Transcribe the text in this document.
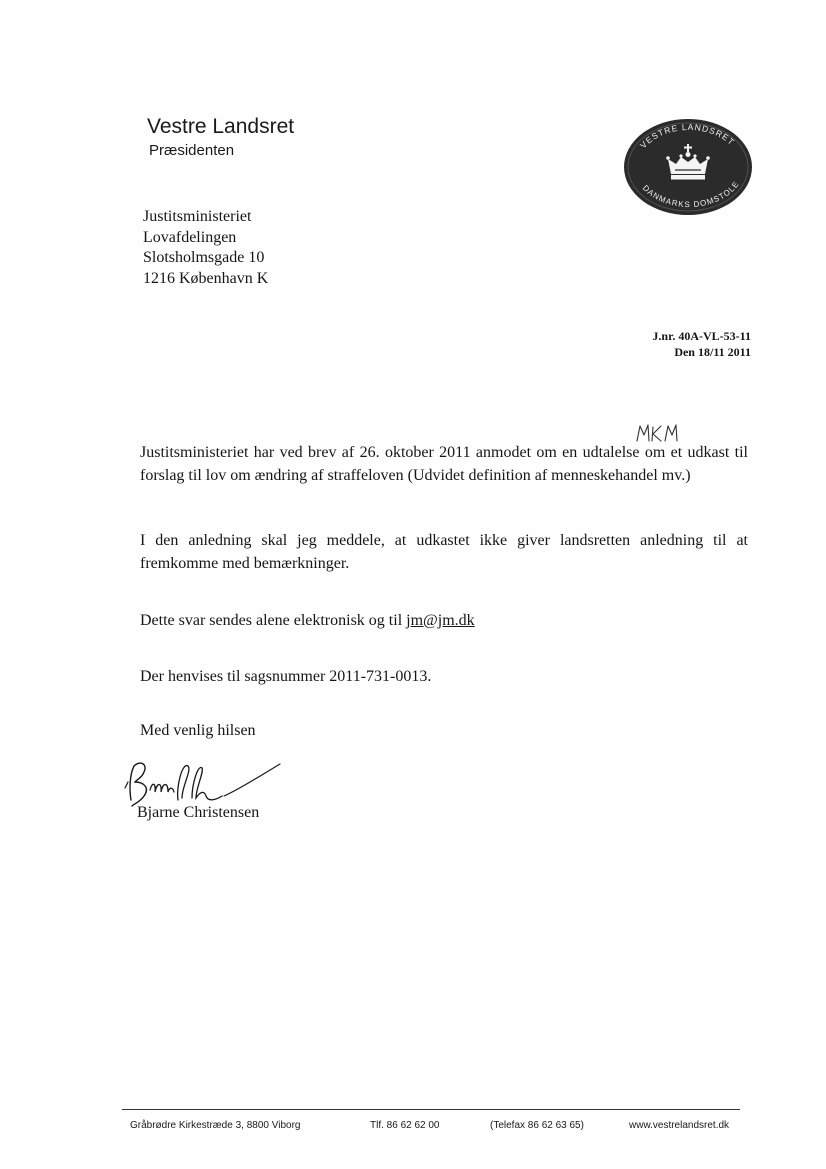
Vestre Landsret
Præsidenten	VESTRE LANDSRET
DANMARKS DOMSTOLE
Justitsministeriet
Lovafdelingen
Slotsholmsgade 10
1216 København K
J.nr. 40A-VL-53-11
Den 18/11 2011
Justitsministeriet har ved brev af 26. oktober 2011 anmodet om en udtalelse om et udkast til forslag til lov om ændring af straffeloven (Udvidet definition af menneskehandel mv.)
I den anledning skal jeg meddele, at udkastet ikke giver landsretten anledning til at fremkomme med bemærkninger.
Dette svar sendes alene elektronisk og til jm@jm.dk
Der henvises til sagsnummer 2011-731-0013.
Med venlig hilsen
Bjarne Christensen
Gråbrødre Kirkestræde 3, 8800 Viborg	Tlf. 86 62 62 00	(Telefax 86 62 63 65)	www.vestrelandsret.dk
